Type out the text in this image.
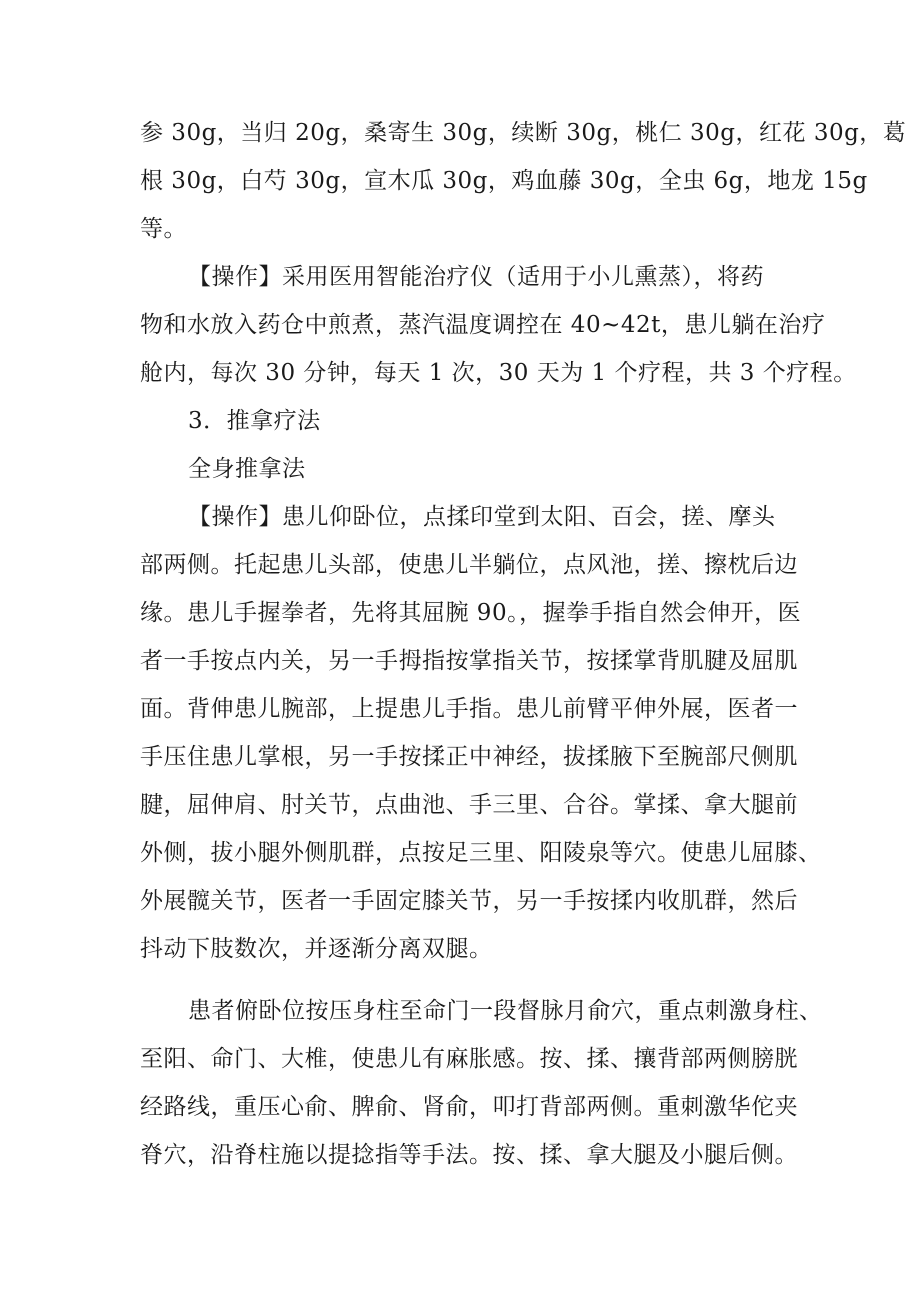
参 30g，当归 20g，桑寄生 30g，续断 30g，桃仁 30g，红花 30g，葛
根 30g，白芍 30g，宣木瓜 30g，鸡血藤 30g，全虫 6g，地龙 15g
等。
【操作】采用医用智能治疗仪（适用于小儿熏蒸），将药
物和水放入药仓中煎煮，蒸汽温度调控在 40~42t，患儿躺在治疗
舱内，每次 30 分钟，每天 1 次，30 天为 1 个疗程，共 3 个疗程。
3．推拿疗法
全身推拿法
【操作】患儿仰卧位，点揉印堂到太阳、百会，搓、摩头
部两侧。托起患儿头部，使患儿半躺位，点风池，搓、擦枕后边
缘。患儿手握拳者，先将其屈腕 90。，握拳手指自然会伸开，医
者一手按点内关，另一手拇指按掌指关节，按揉掌背肌腱及屈肌
面。背伸患儿腕部，上提患儿手指。患儿前臂平伸外展，医者一
手压住患儿掌根，另一手按揉正中神经，拔揉腋下至腕部尺侧肌
腱，屈伸肩、肘关节，点曲池、手三里、合谷。掌揉、拿大腿前
外侧，拔小腿外侧肌群，点按足三里、阳陵泉等穴。使患儿屈膝、
外展髋关节，医者一手固定膝关节，另一手按揉内收肌群，然后
抖动下肢数次，并逐渐分离双腿。
患者俯卧位按压身柱至命门一段督脉月俞穴，重点刺激身柱、
至阳、命门、大椎，使患儿有麻胀感。按、揉、攘背部两侧膀胱
经路线，重压心俞、脾俞、肾俞，叩打背部两侧。重刺激华佗夹
脊穴，沿脊柱施以提捻指等手法。按、揉、拿大腿及小腿后侧。
